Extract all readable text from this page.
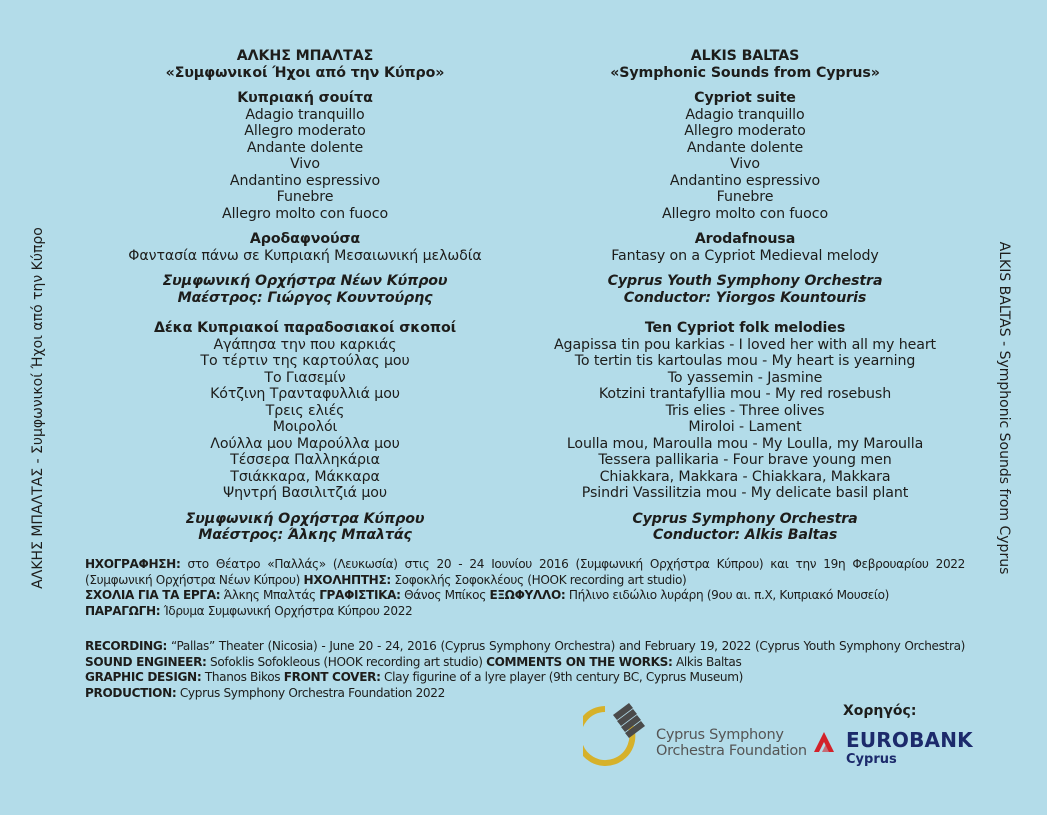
ΑΛΚΗΣ ΜΠΑΛΤΑΣ - Συμφωνικοί Ήχοι από την Κύπρο	ALKIS BALTAS - Symphonic Sounds from Cyprus
ΑΛΚΗΣ ΜΠΑΛΤΑΣ
«Συμφωνικοί Ήχοι από την Κύπρο»
Κυπριακή σουίτα
Adagio tranquillo
Allegro moderato
Andante dolente
Vivo
Andantino espressivo
Funebre
Allegro molto con fuoco
Αροδαφνούσα
Φαντασία πάνω σε Κυπριακή Μεσαιωνική μελωδία
Συμφωνική Ορχήστρα Νέων Κύπρου
Μαέστρος: Γιώργος Κουντούρης
Δέκα Κυπριακοί παραδοσιακοί σκοποί
Αγάπησα την που καρκιάς
Το τέρτιν της καρτούλας μου
Το Γιασεμίν
Κότζινη Τρανταφυλλιά μου
Τρεις ελιές
Μοιρολόι
Λούλλα μου Μαρούλλα μου
Τέσσερα Παλληκάρια
Τσιάκκαρα, Μάκκαρα
Ψηντρή Βασιλιτζιά μου
Συμφωνική Ορχήστρα Κύπρου
Μαέστρος: Άλκης Μπαλτάς
ALKIS BALTAS
«Symphonic Sounds from Cyprus»
Cypriot suite
Adagio tranquillo
Allegro moderato
Andante dolente
Vivo
Andantino espressivo
Funebre
Allegro molto con fuoco
Arodafnousa
Fantasy on a Cypriot Medieval melody
Cyprus Youth Symphony Orchestra
Conductor: Yiorgos Kountouris
Ten Cypriot folk melodies
Agapissa tin pou karkias - I loved her with all my heart
To tertin tis kartoulas mou - My heart is yearning
To yassemin - Jasmine
Kotzini trantafyllia mou - My red rosebush
Tris elies - Three olives
Miroloi - Lament
Loulla mou, Maroulla mou - My Loulla, my Maroulla
Tessera pallikaria - Four brave young men
Chiakkara, Makkara - Chiakkara, Makkara
Psindri Vassilitzia mou - My delicate basil plant
Cyprus Symphony Orchestra
Conductor: Alkis Baltas

ΗΧΟΓΡΑΦΗΣΗ: στο Θέατρο «Παλλάς» (Λευκωσία) στις 20 - 24 Ιουνίου 2016 (Συμφωνική Ορχήστρα Κύπρου) και την 19η Φεβρουαρίου 2022 (Συμφωνική Ορχήστρα Νέων Κύπρου) ΗΧΟΛΗΠΤΗΣ: Σοφοκλής Σοφοκλέους (HOOK recording art studio)

ΣΧΟΛΙΑ ΓΙΑ ΤΑ ΕΡΓΑ: Άλκης Μπαλτάς ΓΡΑΦΙΣΤΙΚΑ: Θάνος Μπίκος ΕΞΩΦΥΛΛΟ: Πήλινο ειδώλιο λυράρη (9ου αι. π.Χ, Κυπριακό Μουσείο)

ΠΑΡΑΓΩΓΗ: Ίδρυμα Συμφωνική Ορχήστρα Κύπρου 2022

RECORDING: “Pallas” Theater (Nicosia) - June 20 - 24, 2016 (Cyprus Symphony Orchestra) and February 19, 2022 (Cyprus Youth Symphony Orchestra) SOUND ENGINEER: Sofoklis Sofokleous (HOOK recording art studio) COMMENTS ON THE WORKS: Alkis Baltas

GRAPHIC DESIGN: Thanos Bikos FRONT COVER: Clay figurine of a lyre player (9th century BC, Cyprus Museum)

PRODUCTION: Cyprus Symphony Orchestra Foundation 2022

Cyprus Symphony
Orchestra Foundation
Χορηγός:
EUROBANK
Cyprus
